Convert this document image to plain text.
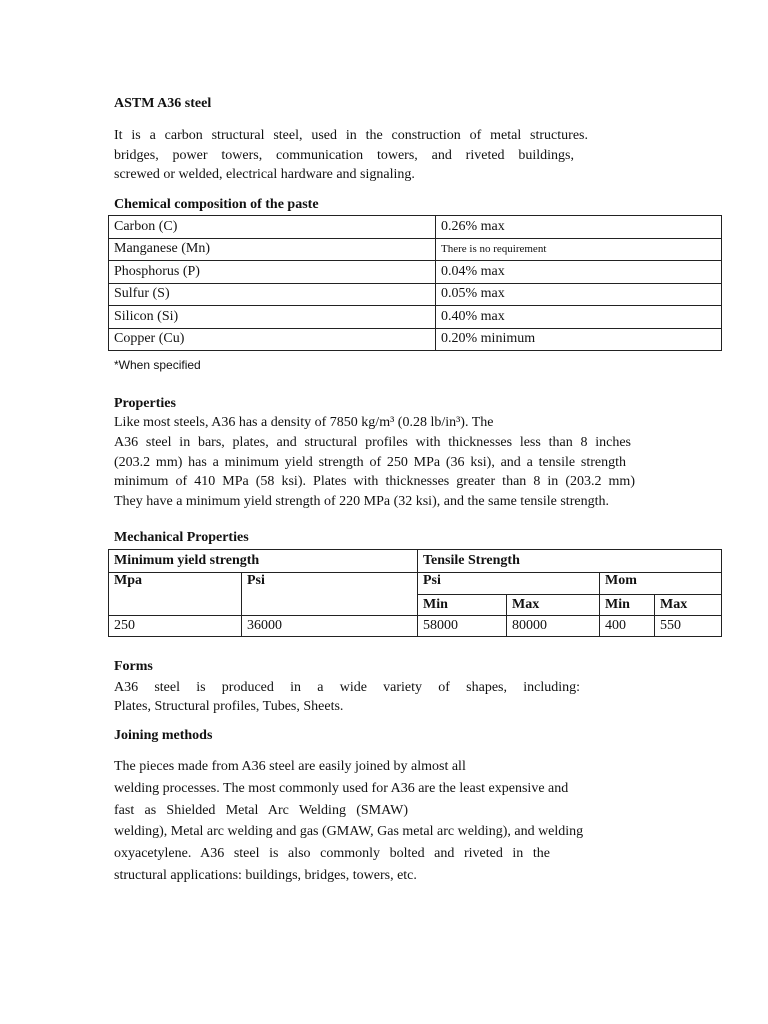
ASTM A36 steel
It is a carbon structural steel, used in the construction of metal structures.
bridges, power towers, communication towers, and riveted buildings,
screwed or welded, electrical hardware and signaling.
Chemical composition of the paste
Carbon (C)	0.26% max
Manganese (Mn)	There is no requirement
Phosphorus (P)	0.04% max
Sulfur (S)	0.05% max
Silicon (Si)	0.40% max
Copper (Cu)	0.20% minimum
*When specified
Properties
Like most steels, A36 has a density of 7850 kg/m³ (0.28 lb/in³). The
A36 steel in bars, plates, and structural profiles with thicknesses less than 8 inches
(203.2 mm) has a minimum yield strength of 250 MPa (36 ksi), and a tensile strength
minimum of 410 MPa (58 ksi). Plates with thicknesses greater than 8 in (203.2 mm)
They have a minimum yield strength of 220 MPa (32 ksi), and the same tensile strength.
Mechanical Properties
Minimum yield strength		Tensile Strength			
Mpa	Psi	Psi		Mom	
		Min	Max	Min	Max
250	36000	58000	80000	400	550
Forms
A36 steel is produced in a wide variety of shapes, including:
Plates, Structural profiles, Tubes, Sheets.
Joining methods
The pieces made from A36 steel are easily joined by almost all
welding processes. The most commonly used for A36 are the least expensive and
fast as Shielded Metal Arc Welding (SMAW)
welding), Metal arc welding and gas (GMAW, Gas metal arc welding), and welding
oxyacetylene. A36 steel is also commonly bolted and riveted in the
structural applications: buildings, bridges, towers, etc.
